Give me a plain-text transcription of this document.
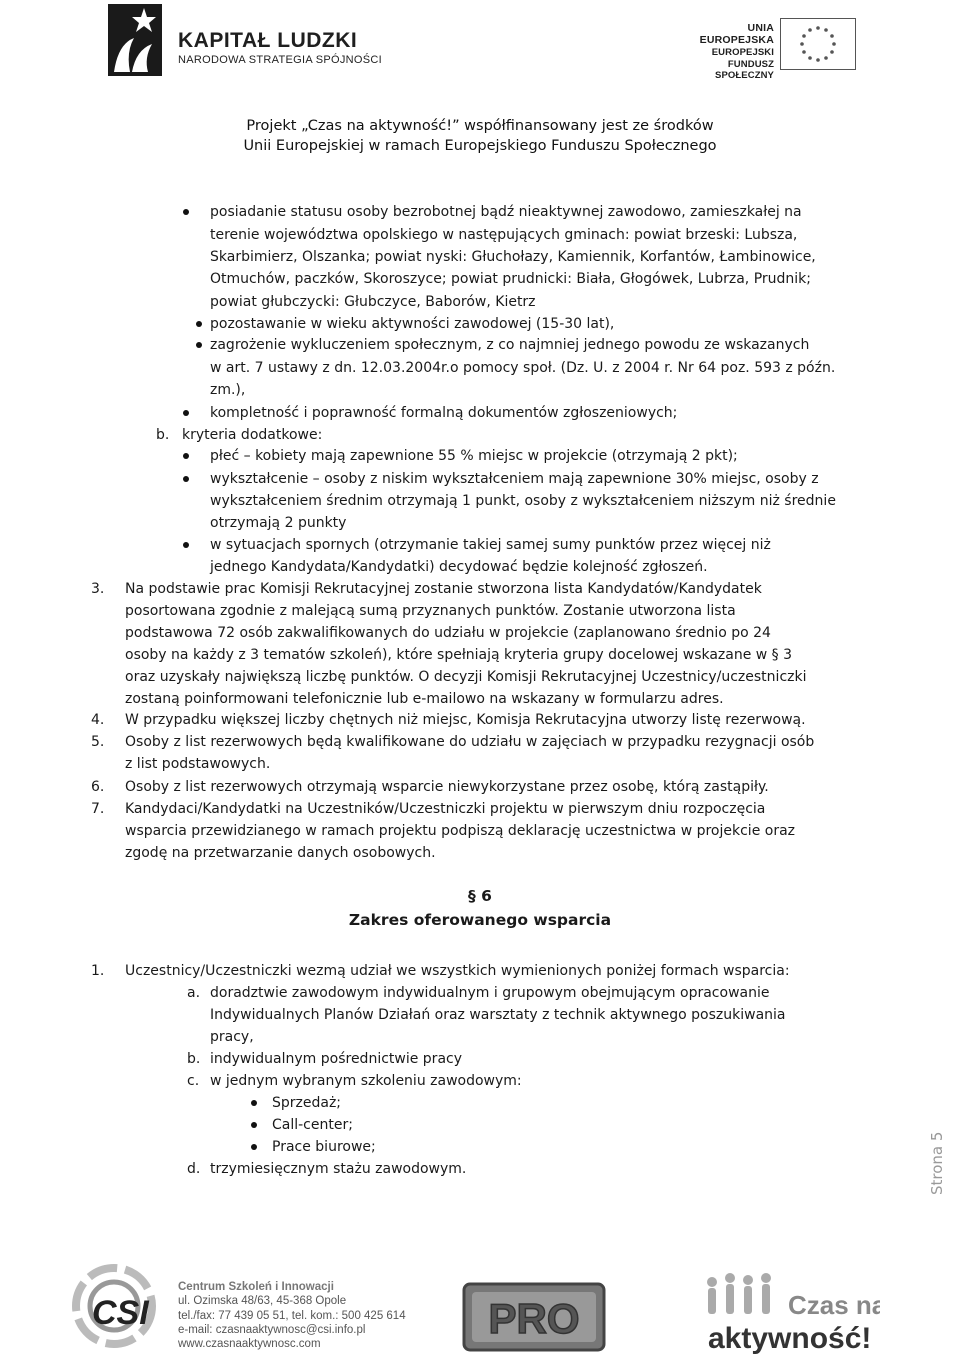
KAPITAŁ LUDZKI
NARODOWA STRATEGIA SPÓJNOŚCI
UNIA EUROPEJSKA
EUROPEJSKI
FUNDUSZ SPOŁECZNY
Projekt „Czas na aktywność!” współfinansowany jest ze środków
Unii Europejskiej w ramach Europejskiego Funduszu Społecznego
posiadanie statusu osoby bezrobotnej bądź nieaktywnej zawodowo, zamieszkałej na
terenie województwa opolskiego w następujących gminach: powiat brzeski: Lubsza,
Skarbimierz, Olszanka; powiat nyski: Głuchołazy, Kamiennik, Korfantów, Łambinowice,
Otmuchów, paczków, Skoroszyce; powiat prudnicki: Biała, Głogówek, Lubrza, Prudnik;
powiat głubczycki: Głubczyce, Baborów, Kietrz
pozostawanie w wieku aktywności zawodowej (15-30 lat),
zagrożenie wykluczeniem społecznym, z co najmniej jednego powodu ze wskazanych
w art. 7 ustawy z dn. 12.03.2004r.o pomocy społ. (Dz. U. z 2004 r. Nr 64 poz. 593 z późn.
zm.),
kompletność i poprawność formalną dokumentów zgłoszeniowych;
b. kryteria dodatkowe:
płeć – kobiety mają zapewnione 55 % miejsc w projekcie (otrzymają 2 pkt);
wykształcenie – osoby z niskim wykształceniem mają zapewnione 30% miejsc, osoby z
wykształceniem średnim otrzymają 1 punkt, osoby z wykształceniem niższym niż średnie
otrzymają 2 punkty
w sytuacjach spornych (otrzymanie takiej samej sumy punktów przez więcej niż
jednego Kandydata/Kandydatki) decydować będzie kolejność zgłoszeń.
3. Na podstawie prac Komisji Rekrutacyjnej zostanie stworzona lista Kandydatów/Kandydatek
posortowana zgodnie z malejącą sumą przyznanych punktów. Zostanie utworzona lista
podstawowa 72 osób zakwalifikowanych do udziału w projekcie (zaplanowano średnio po 24
osoby na każdy z 3 tematów szkoleń), które spełniają kryteria grupy docelowej wskazane w § 3
oraz uzyskały największą liczbę punktów. O decyzji Komisji Rekrutacyjnej Uczestnicy/uczestniczki
zostaną poinformowani telefonicznie lub e-mailowo na wskazany w formularzu adres.
4. W przypadku większej liczby chętnych niż miejsc, Komisja Rekrutacyjna utworzy listę rezerwową.
5. Osoby z list rezerwowych będą kwalifikowane do udziału w zajęciach w przypadku rezygnacji osób
z list podstawowych.
6. Osoby z list rezerwowych otrzymają wsparcie niewykorzystane przez osobę, którą zastąpiły.
7. Kandydaci/Kandydatki na Uczestników/Uczestniczki projektu w pierwszym dniu rozpoczęcia
wsparcia przewidzianego w ramach projektu podpiszą deklarację uczestnictwa w projekcie oraz
zgodę na przetwarzanie danych osobowych.
§ 6
Zakres oferowanego wsparcia
1. Uczestnicy/Uczestniczki wezmą udział we wszystkich wymienionych poniżej formach wsparcia:
a. doradztwie zawodowym indywidualnym i grupowym obejmującym opracowanie
Indywidualnych Planów Działań oraz warsztaty z technik aktywnego poszukiwania
pracy,
b. indywidualnym pośrednictwie pracy
c. w jednym wybranym szkoleniu zawodowym:
Sprzedaż;
Call-center;
Prace biurowe;
d. trzymiesięcznym stażu zawodowym.	Strona 5
CSI
Centrum Szkoleń i Innowacji
ul. Ozimska 48/63, 45-368 Opole
tel./fax: 77 439 05 51, tel. kom.: 500 425 614
e-mail: czasnaaktywnosc@csi.info.pl
www.czasnaaktywnosc.com
PRO	Czas na
aktywność!
